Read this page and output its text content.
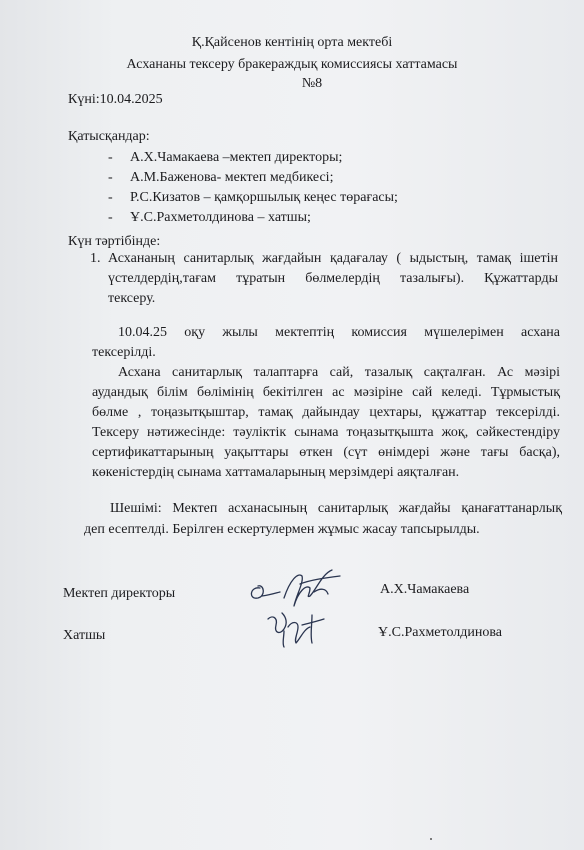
Қ.Қайсенов кентінің орта мектебі
Асхананы тексеру бракераждық комиссиясы хаттамасы
№8
Күні:10.04.2025
Қатысқандар:
- А.Х.Чамакаева –мектеп директоры;
- А.М.Баженова- мектеп медбикесі;
- Р.С.Кизатов – қамқоршылық кеңес төрағасы;
- Ұ.С.Рахметолдинова – хатшы;
Күн тәртібінде:
1. Асхананың санитарлық жағдайын қадағалау ( ыдыстың, тамақ ішетін
үстелдердің,тағам тұратын бөлмелердің тазалығы). Құжаттарды
тексеру.
10.04.25 оқу жылы мектептің комиссия мүшелерімен асхана
тексерілді.
Асхана санитарлық талаптарға сай, тазалық сақталған. Ас мәзірі
аудандық білім бөлімінің бекітілген ас мәзіріне сай келеді. Тұрмыстық
бөлме , тоңазытқыштар, тамақ дайындау цехтары, құжаттар тексерілді.
Тексеру нәтижесінде: тәуліктік сынама тоңазытқышта жоқ, сәйкестендіру
сертификаттарының уақыттары өткен (сүт өнімдері және тағы басқа),
көкеністердің сынама хаттамаларының мерзімдері аяқталған.
Шешімі: Мектеп асханасының санитарлық жағдайы қанағаттанарлық
деп есептелді. Берілген ескертулермен жұмыс жасау тапсырылды.
Мектеп директоры	А.Х.Чамакаева
Хатшы	Ұ.С.Рахметолдинова
